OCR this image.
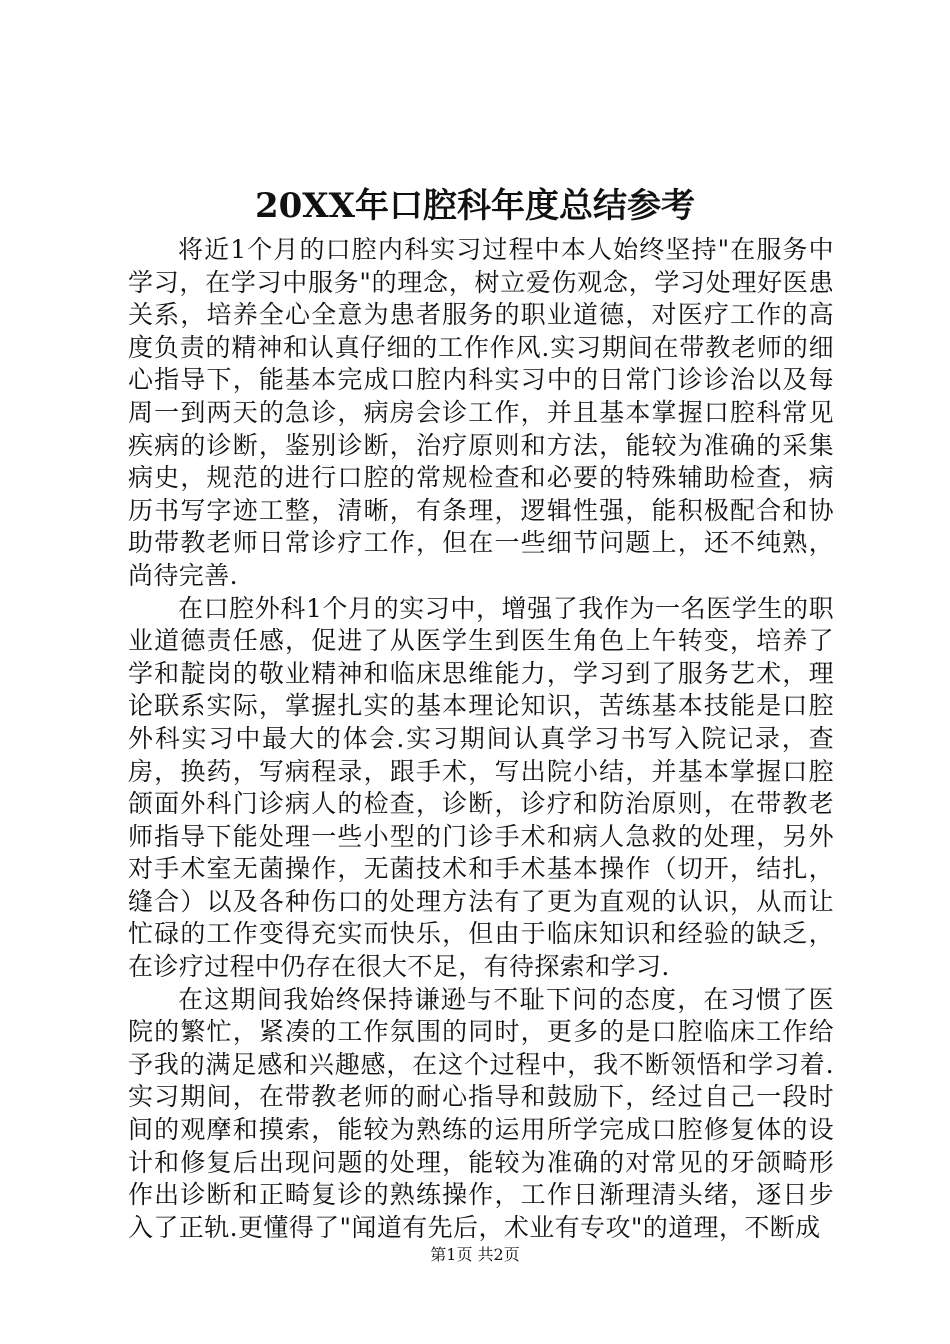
20XX年口腔科年度总结参考

将近1个月的口腔内科实习过程中本人始终坚持"在服务中学习，在学习中服务"的理念，树立爱伤观念，学习处理好医患关系，培养全心全意为患者服务的职业道德，对医疗工作的高度负责的精神和认真仔细的工作作风.实习期间在带教老师的细心指导下，能基本完成口腔内科实习中的日常门诊诊治以及每周一到两天的急诊，病房会诊工作，并且基本掌握口腔科常见疾病的诊断，鉴别诊断，治疗原则和方法，能较为准确的采集病史，规范的进行口腔的常规检查和必要的特殊辅助检查，病历书写字迹工整，清晰，有条理，逻辑性强，能积极配合和协助带教老师日常诊疗工作，但在一些细节问题上，还不纯熟，尚待完善.

在口腔外科1个月的实习中，增强了我作为一名医学生的职业道德责任感，促进了从医学生到医生角色上午转变，培养了学和靛岗的敬业精神和临床思维能力，学习到了服务艺术，理论联系实际，掌握扎实的基本理论知识，苦练基本技能是口腔外科实习中最大的体会.实习期间认真学习书写入院记录，查房，换药，写病程录，跟手术，写出院小结，并基本掌握口腔颌面外科门诊病人的检查，诊断，诊疗和防治原则，在带教老师指导下能处理一些小型的门诊手术和病人急救的处理，另外对手术室无菌操作，无菌技术和手术基本操作（切开，结扎，缝合）以及各种伤口的处理方法有了更为直观的认识，从而让忙碌的工作变得充实而快乐，但由于临床知识和经验的缺乏，在诊疗过程中仍存在很大不足，有待探索和学习.

在这期间我始终保持谦逊与不耻下问的态度，在习惯了医院的繁忙，紧凑的工作氛围的同时，更多的是口腔临床工作给予我的满足感和兴趣感，在这个过程中，我不断领悟和学习着.实习期间，在带教老师的耐心指导和鼓励下，经过自己一段时间的观摩和摸索，能较为熟练的运用所学完成口腔修复体的设计和修复后出现问题的处理，能较为准确的对常见的牙颌畸形作出诊断和正畸复诊的熟练操作，工作日渐理清头绪，逐日步入了正轨.更懂得了"闻道有先后，术业有专攻"的道理，不断成

第1页 共2页
